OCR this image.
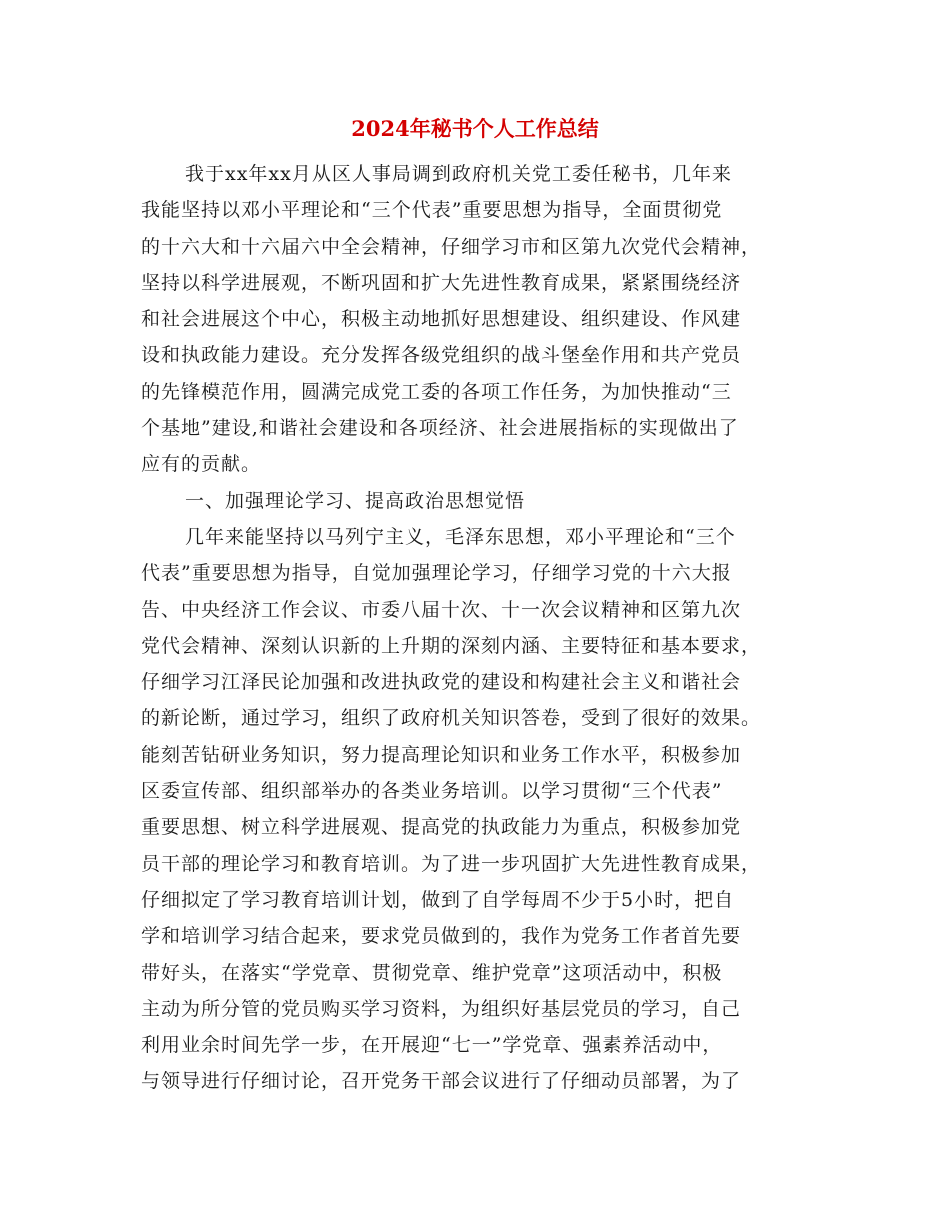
2024年秘书个人工作总结
我于xx年xx月从区人事局调到政府机关党工委任秘书，几年来
我能坚持以邓小平理论和“三个代表”重要思想为指导，全面贯彻党
的十六大和十六届六中全会精神，仔细学习市和区第九次党代会精神，
坚持以科学进展观，不断巩固和扩大先进性教育成果，紧紧围绕经济
和社会进展这个中心，积极主动地抓好思想建设、组织建设、作风建
设和执政能力建设。充分发挥各级党组织的战斗堡垒作用和共产党员
的先锋模范作用，圆满完成党工委的各项工作任务，为加快推动“三
个基地”建设,和谐社会建设和各项经济、社会进展指标的实现做出了
应有的贡献。
一、加强理论学习、提高政治思想觉悟
几年来能坚持以马列宁主义，毛泽东思想，邓小平理论和“三个
代表”重要思想为指导，自觉加强理论学习，仔细学习党的十六大报
告、中央经济工作会议、市委八届十次、十一次会议精神和区第九次
党代会精神、深刻认识新的上升期的深刻内涵、主要特征和基本要求，
仔细学习江泽民论加强和改进执政党的建设和构建社会主义和谐社会
的新论断，通过学习，组织了政府机关知识答卷，受到了很好的效果。
能刻苦钻研业务知识，努力提高理论知识和业务工作水平，积极参加
区委宣传部、组织部举办的各类业务培训。以学习贯彻“三个代表”
重要思想、树立科学进展观、提高党的执政能力为重点，积极参加党
员干部的理论学习和教育培训。为了进一步巩固扩大先进性教育成果，
仔细拟定了学习教育培训计划，做到了自学每周不少于5小时，把自
学和培训学习结合起来，要求党员做到的，我作为党务工作者首先要
带好头，在落实“学党章、贯彻党章、维护党章”这项活动中，积极
主动为所分管的党员购买学习资料，为组织好基层党员的学习，自己
利用业余时间先学一步，在开展迎“七一”学党章、强素养活动中，
与领导进行仔细讨论，召开党务干部会议进行了仔细动员部署，为了
